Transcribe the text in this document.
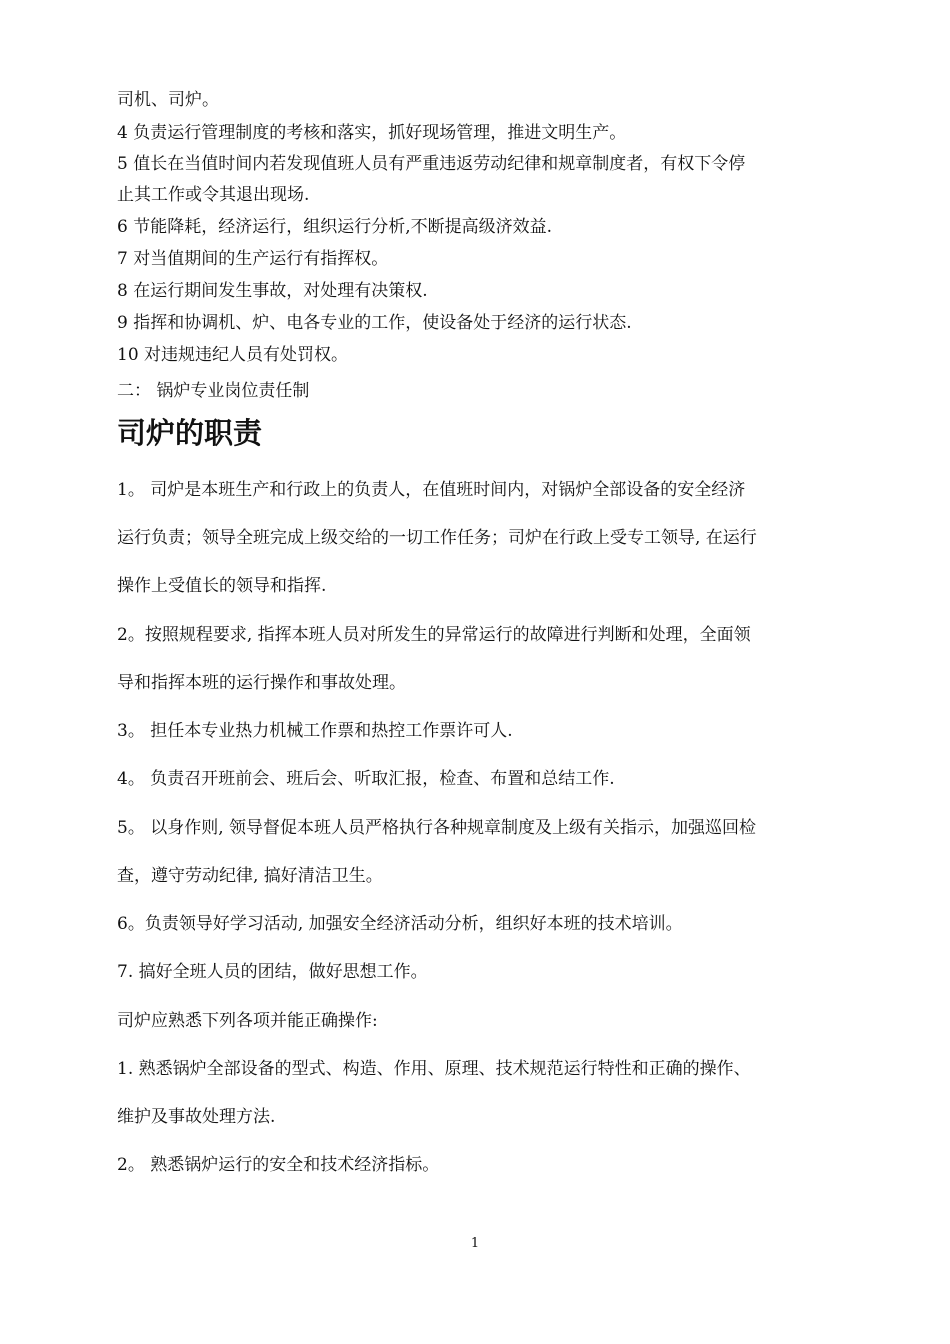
司机、司炉。
4 负责运行管理制度的考核和落实，抓好现场管理，推进文明生产。
5 值长在当值时间内若发现值班人员有严重违返劳动纪律和规章制度者，有权下令停
止其工作或令其退出现场.
6 节能降耗，经济运行，组织运行分析,不断提高级济效益.
7 对当值期间的生产运行有指挥权。
8 在运行期间发生事故，对处理有决策权.
9 指挥和协调机、炉、电各专业的工作，使设备处于经济的运行状态.
10 对违规违纪人员有处罚权。
二： 锅炉专业岗位责任制
司炉的职责
1。 司炉是本班生产和行政上的负责人，在值班时间内，对锅炉全部设备的安全经济
运行负责；领导全班完成上级交给的一切工作任务；司炉在行政上受专工领导, 在运行
操作上受值长的领导和指挥.
2。按照规程要求, 指挥本班人员对所发生的异常运行的故障进行判断和处理，全面领
导和指挥本班的运行操作和事故处理。
3。 担任本专业热力机械工作票和热控工作票许可人.
4。 负责召开班前会、班后会、听取汇报，检查、布置和总结工作.
5。 以身作则, 领导督促本班人员严格执行各种规章制度及上级有关指示，加强巡回检
查，遵守劳动纪律, 搞好清洁卫生。
6。负责领导好学习活动, 加强安全经济活动分析，组织好本班的技术培训。
7. 搞好全班人员的团结，做好思想工作。
司炉应熟悉下列各项并能正确操作:
1. 熟悉锅炉全部设备的型式、构造、作用、原理、技术规范运行特性和正确的操作、
维护及事故处理方法.
2。 熟悉锅炉运行的安全和技术经济指标。
1
